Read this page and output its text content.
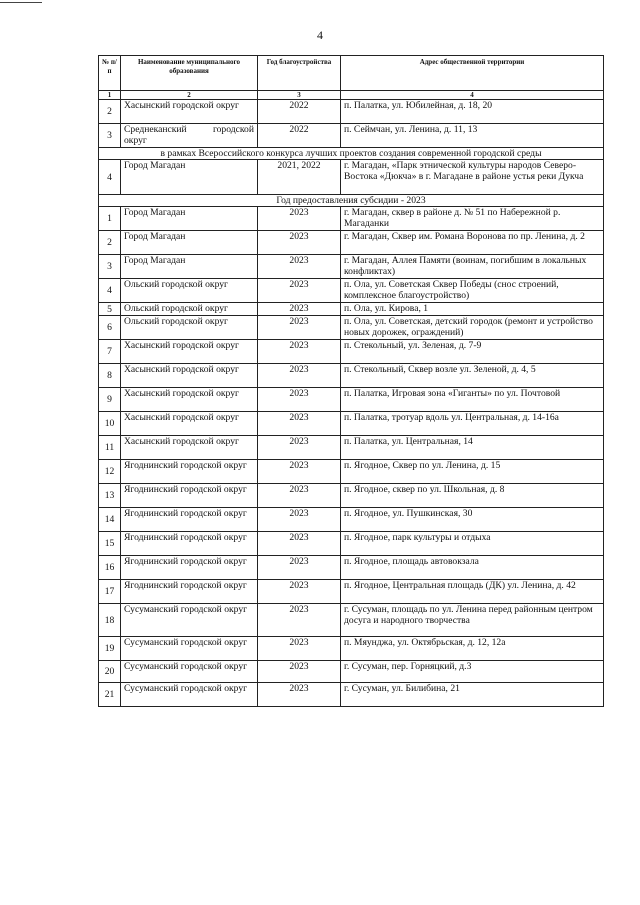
4
№ п/п	Наименование муниципального образования	Год благоустройства	Адрес общественной территории
1	2	3	4
2	Хасынский городской округ	2022	п. Палатка, ул. Юбилейная, д. 18, 20
3	Среднеканский городской округ	2022	п. Сеймчан, ул. Ленина, д. 11, 13
в рамках Всероссийского конкурса лучших проектов создания современной городской среды			
4	Город Магадан	2021, 2022	г. Магадан, «Парк этнической культуры народов Северо-Востока «Дюкча» в г. Магадане в районе устья реки Дукча
Год предоставления субсидии - 2023			
1	Город Магадан	2023	г. Магадан, сквер в районе д. № 51 по Набережной р. Магаданки
2	Город Магадан	2023	г. Магадан, Сквер им. Романа Воронова по пр. Ленина, д. 2
3	Город Магадан	2023	г. Магадан, Аллея Памяти (воинам, погибшим в локальных конфликтах)
4	Ольский городской округ	2023	п. Ола, ул. Советская Сквер Победы (снос строений, комплексное благоустройство)
5	Ольский городской округ	2023	п. Ола, ул. Кирова, 1
6	Ольский городской округ	2023	п. Ола, ул. Советская, детский городок (ремонт и устройство новых дорожек, ограждений)
7	Хасынский городской округ	2023	п. Стекольный, ул. Зеленая, д. 7-9
8	Хасынский городской округ	2023	п. Стекольный, Сквер возле ул. Зеленой, д. 4, 5
9	Хасынский городской округ	2023	п. Палатка, Игровая зона «Гиганты» по ул. Почтовой
10	Хасынский городской округ	2023	п. Палатка, тротуар вдоль ул. Центральная, д. 14-16а
11	Хасынский городской округ	2023	п. Палатка, ул. Центральная, 14
12	Ягоднинский городской округ	2023	п. Ягодное, Сквер по ул. Ленина, д. 15
13	Ягоднинский городской округ	2023	п. Ягодное, сквер по ул. Школьная, д. 8
14	Ягоднинский городской округ	2023	п. Ягодное, ул. Пушкинская, 30
15	Ягоднинский городской округ	2023	п. Ягодное, парк культуры и отдыха
16	Ягоднинский городской округ	2023	п. Ягодное, площадь автовокзала
17	Ягоднинский городской округ	2023	п. Ягодное, Центральная площадь (ДК) ул. Ленина, д. 42
18	Сусуманский городской округ	2023	г. Сусуман, площадь по ул. Ленина перед районным центром досуга и народного творчества
19	Сусуманский городской округ	2023	п. Мяунджа, ул. Октябрьская, д. 12, 12а
20	Сусуманский городской округ	2023	г. Сусуман, пер. Горняцкий, д.3
21	Сусуманский городской округ	2023	г. Сусуман, ул. Билибина, 21
